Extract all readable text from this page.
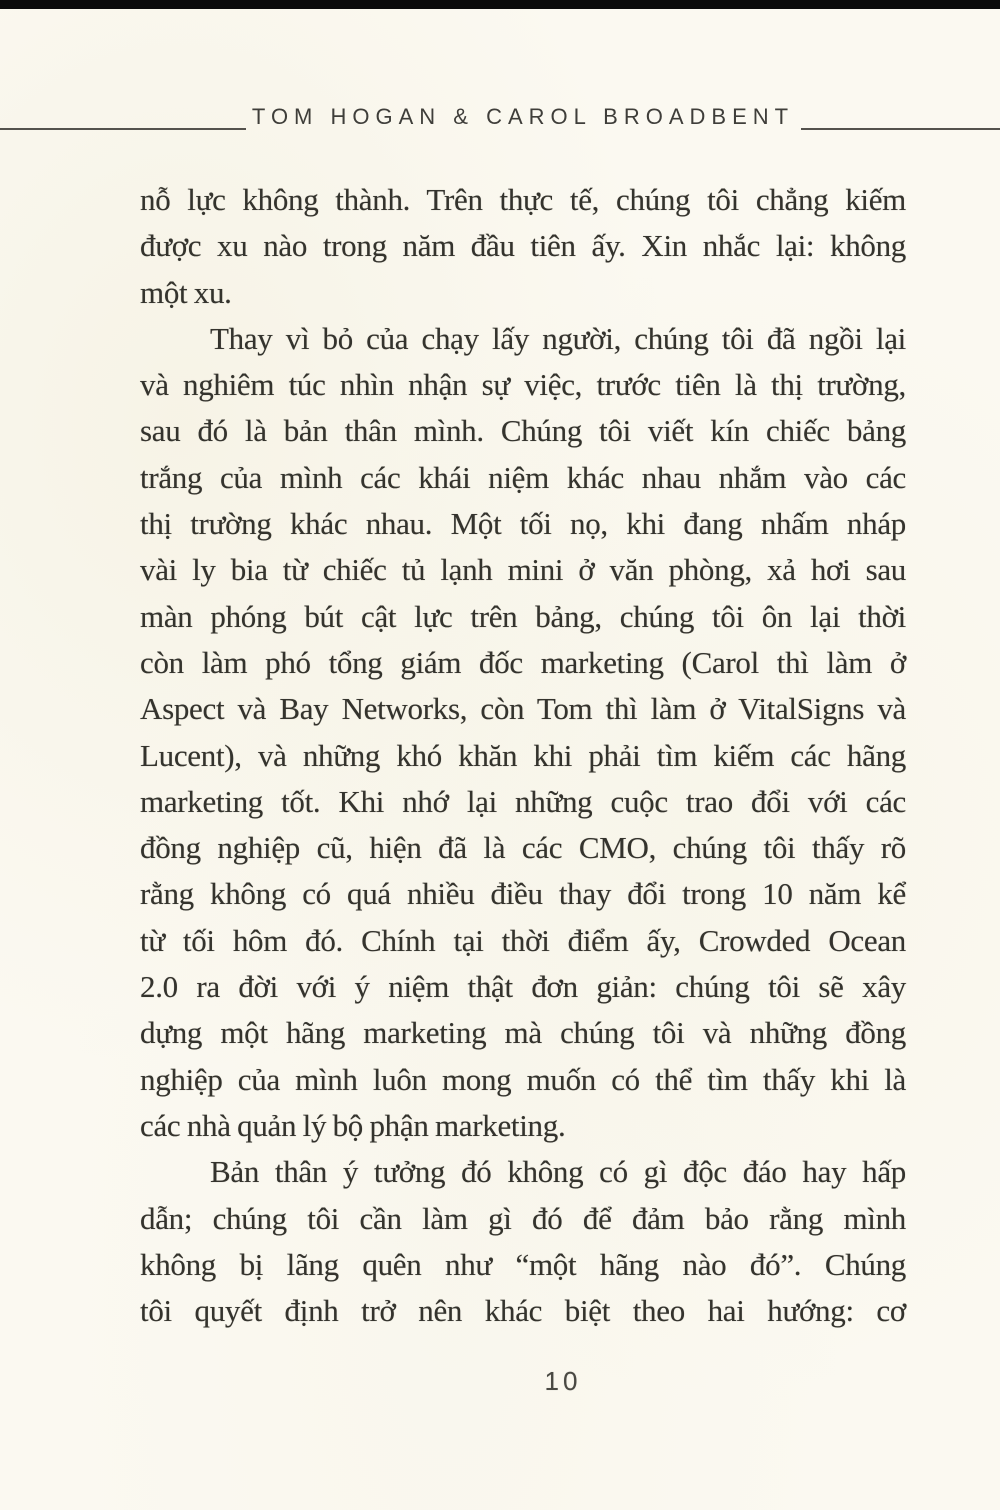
TOM HOGAN & CAROL BROADBENT
nỗ lực không thành. Trên thực tế, chúng tôi chẳng kiếm
được xu nào trong năm đầu tiên ấy. Xin nhắc lại: không
một xu.
Thay vì bỏ của chạy lấy người, chúng tôi đã ngồi lại
và nghiêm túc nhìn nhận sự việc, trước tiên là thị trường,
sau đó là bản thân mình. Chúng tôi viết kín chiếc bảng
trắng của mình các khái niệm khác nhau nhắm vào các
thị trường khác nhau. Một tối nọ, khi đang nhấm nháp
vài ly bia từ chiếc tủ lạnh mini ở văn phòng, xả hơi sau
màn phóng bút cật lực trên bảng, chúng tôi ôn lại thời
còn làm phó tổng giám đốc marketing (Carol thì làm ở
Aspect và Bay Networks, còn Tom thì làm ở VitalSigns và
Lucent), và những khó khăn khi phải tìm kiếm các hãng
marketing tốt. Khi nhớ lại những cuộc trao đổi với các
đồng nghiệp cũ, hiện đã là các CMO, chúng tôi thấy rõ
rằng không có quá nhiều điều thay đổi trong 10 năm kể
từ tối hôm đó. Chính tại thời điểm ấy, Crowded Ocean
2.0 ra đời với ý niệm thật đơn giản: chúng tôi sẽ xây
dựng một hãng marketing mà chúng tôi và những đồng
nghiệp của mình luôn mong muốn có thể tìm thấy khi là
các nhà quản lý bộ phận marketing.
Bản thân ý tưởng đó không có gì độc đáo hay hấp
dẫn; chúng tôi cần làm gì đó để đảm bảo rằng mình
không bị lãng quên như “một hãng nào đó”. Chúng
tôi quyết định trở nên khác biệt theo hai hướng: cơ
10
